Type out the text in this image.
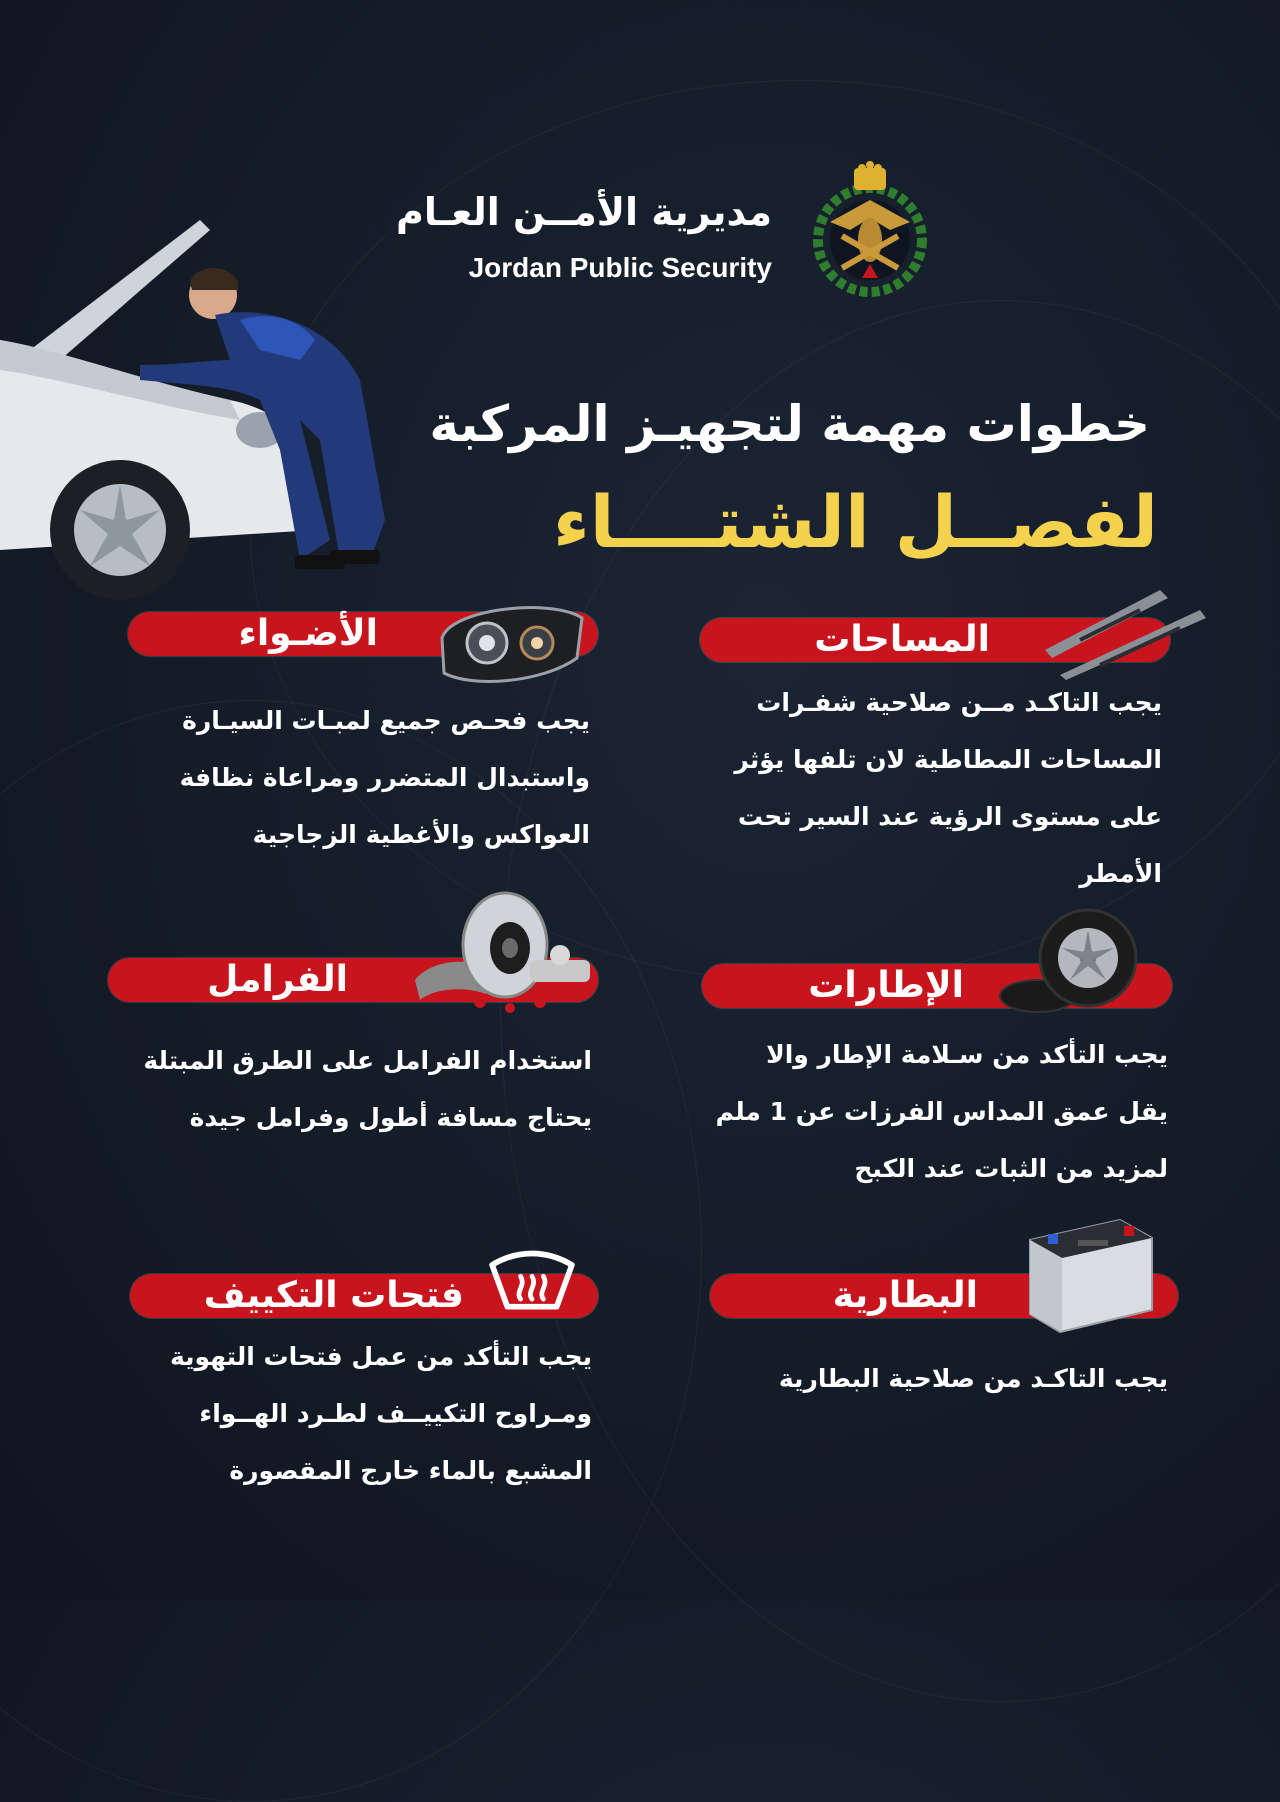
مديرية الأمــن العـام
Jordan Public Security
خطوات مهمة لتجهيـز المركبة
لفصــل الشتــــاء
الأضـواء
يجب فحـص جميع لمبـات السيـارة
واستبدال المتضرر ومراعاة نظافة
العواكس والأغطية الزجاجية
المساحات
يجب التاكـد مــن صلاحية شفـرات
المساحات المطاطية لان تلفها يؤثر
على مستوى الرؤية عند السير تحت
الأمطر
الفرامل
استخدام الفرامل على الطرق المبتلة
يحتاج مسافة أطول وفرامل جيدة
الإطارات
يجب التأكد من سـلامة الإطار والا
يقل عمق المداس الفرزات عن 1 ملم
لمزيد من الثبات عند الكبح
فتحات التكييف
يجب التأكد من عمل فتحات التهوية
ومـراوح التكييــف لطـرد الهــواء
المشبع بالماء خارج المقصورة
البطارية
يجب التاكـد من صلاحية البطارية
